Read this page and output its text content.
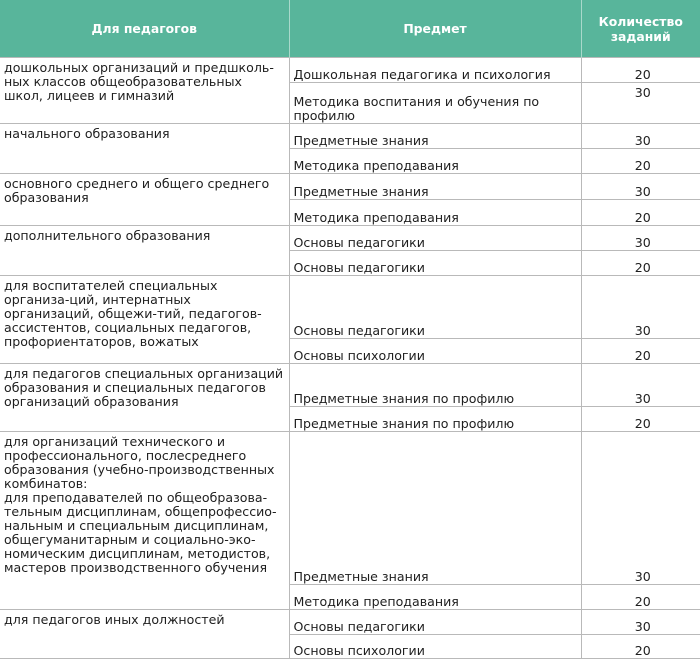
Для педагогов	Предмет	Количество заданий
дошкольных организаций и предшколь-ных классов общеобразовательных школ, лицеев и гимназий	Дошкольная педагогика и психология	20
	Методика воспитания и обучения по профилю	30
начального образования	Предметные знания	30
	Методика преподавания	20
основного среднего и общего среднего образования	Предметные знания	30
	Методика преподавания	20
дополнительного образования	Основы педагогики	30
	Основы педагогики	20
для воспитателей специальных организа-ций, интернатных организаций, общежи-тий, педагогов-ассистентов, социальных педагогов, профориентаторов, вожатых	Основы педагогики	30
	Основы психологии	20
для педагогов специальных организаций образования и специальных педагогов организаций образования	Предметные знания по профилю	30
	Предметные знания по профилю	20
для организаций технического и профессионального, послесреднего образования (учебно-производственных комбинатов:
для преподавателей по общеобразова-тельным дисциплинам, общепрофессио-нальным и специальным дисциплинам, общегуманитарным и социально-эко-номическим дисциплинам, методистов, мастеров производственного обучения	Предметные знания	30
	Методика преподавания	20
для педагогов иных должностей	Основы педагогики	30
	Основы психологии	20
